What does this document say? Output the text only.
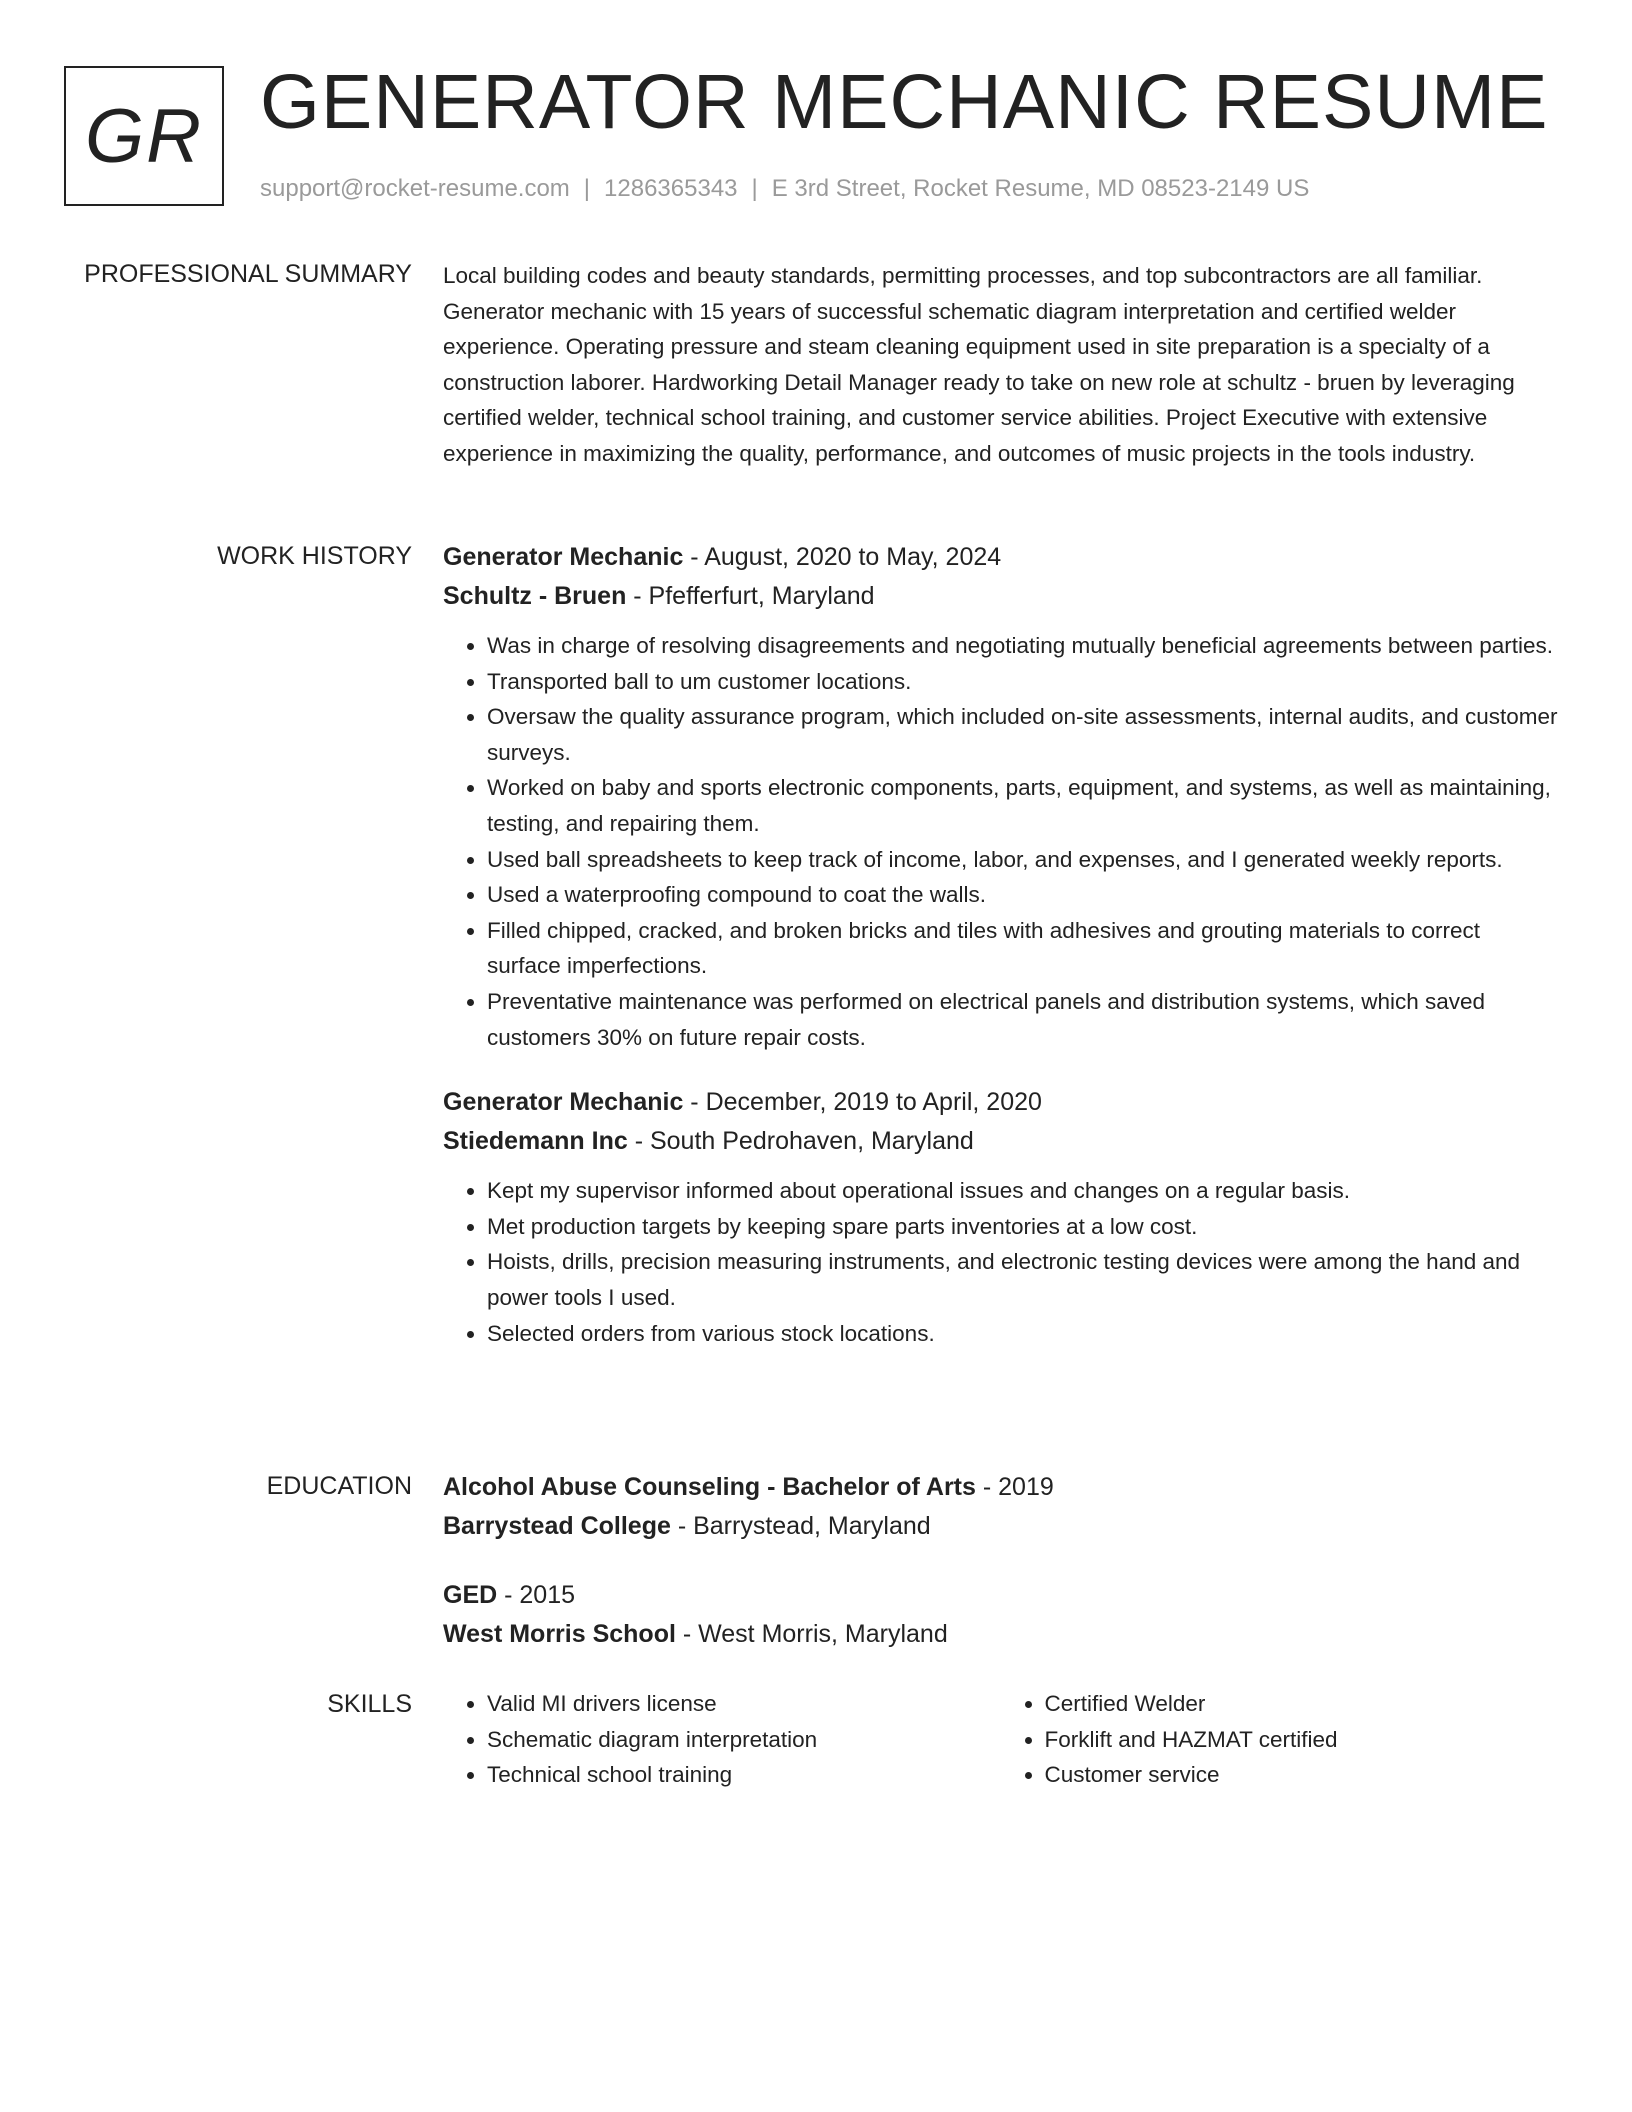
GR GENERATOR MECHANIC RESUME
support@rocket-resume.com | 1286365343 | E 3rd Street, Rocket Resume, MD 08523-2149 US
PROFESSIONAL SUMMARY Local building codes and beauty standards, permitting processes, and top subcontractors are all familiar. Generator mechanic with 15 years of successful schematic diagram interpretation and certified welder experience. Operating pressure and steam cleaning equipment used in site preparation is a specialty of a construction laborer. Hardworking Detail Manager ready to take on new role at schultz - bruen by leveraging certified welder, technical school training, and customer service abilities. Project Executive with extensive experience in maximizing the quality, performance, and outcomes of music projects in the tools industry.

WORK HISTORY Generator Mechanic - August, 2020 to May, 2024
Schultz - Bruen - Pfefferfurt, Maryland
• Was in charge of resolving disagreements and negotiating mutually beneficial agreements between parties.
• Transported ball to um customer locations.
• Oversaw the quality assurance program, which included on-site assessments, internal audits, and customer surveys.
• Worked on baby and sports electronic components, parts, equipment, and systems, as well as maintaining, testing, and repairing them.
• Used ball spreadsheets to keep track of income, labor, and expenses, and I generated weekly reports.
• Used a waterproofing compound to coat the walls.
• Filled chipped, cracked, and broken bricks and tiles with adhesives and grouting materials to correct surface imperfections.
• Preventative maintenance was performed on electrical panels and distribution systems, which saved customers 30% on future repair costs.
Generator Mechanic - December, 2019 to April, 2020
Stiedemann Inc - South Pedrohaven, Maryland
• Kept my supervisor informed about operational issues and changes on a regular basis.
• Met production targets by keeping spare parts inventories at a low cost.
• Hoists, drills, precision measuring instruments, and electronic testing devices were among the hand and power tools I used.
• Selected orders from various stock locations.
EDUCATION Alcohol Abuse Counseling - Bachelor of Arts - 2019
Barrystead College - Barrystead, Maryland
GED - 2015
West Morris School - West Morris, Maryland
SKILLS
•	Valid MI drivers license
• Schematic diagram interpretation
• Technical school training
• Certified Welder
• Forklift and HAZMAT certified
• Customer service
